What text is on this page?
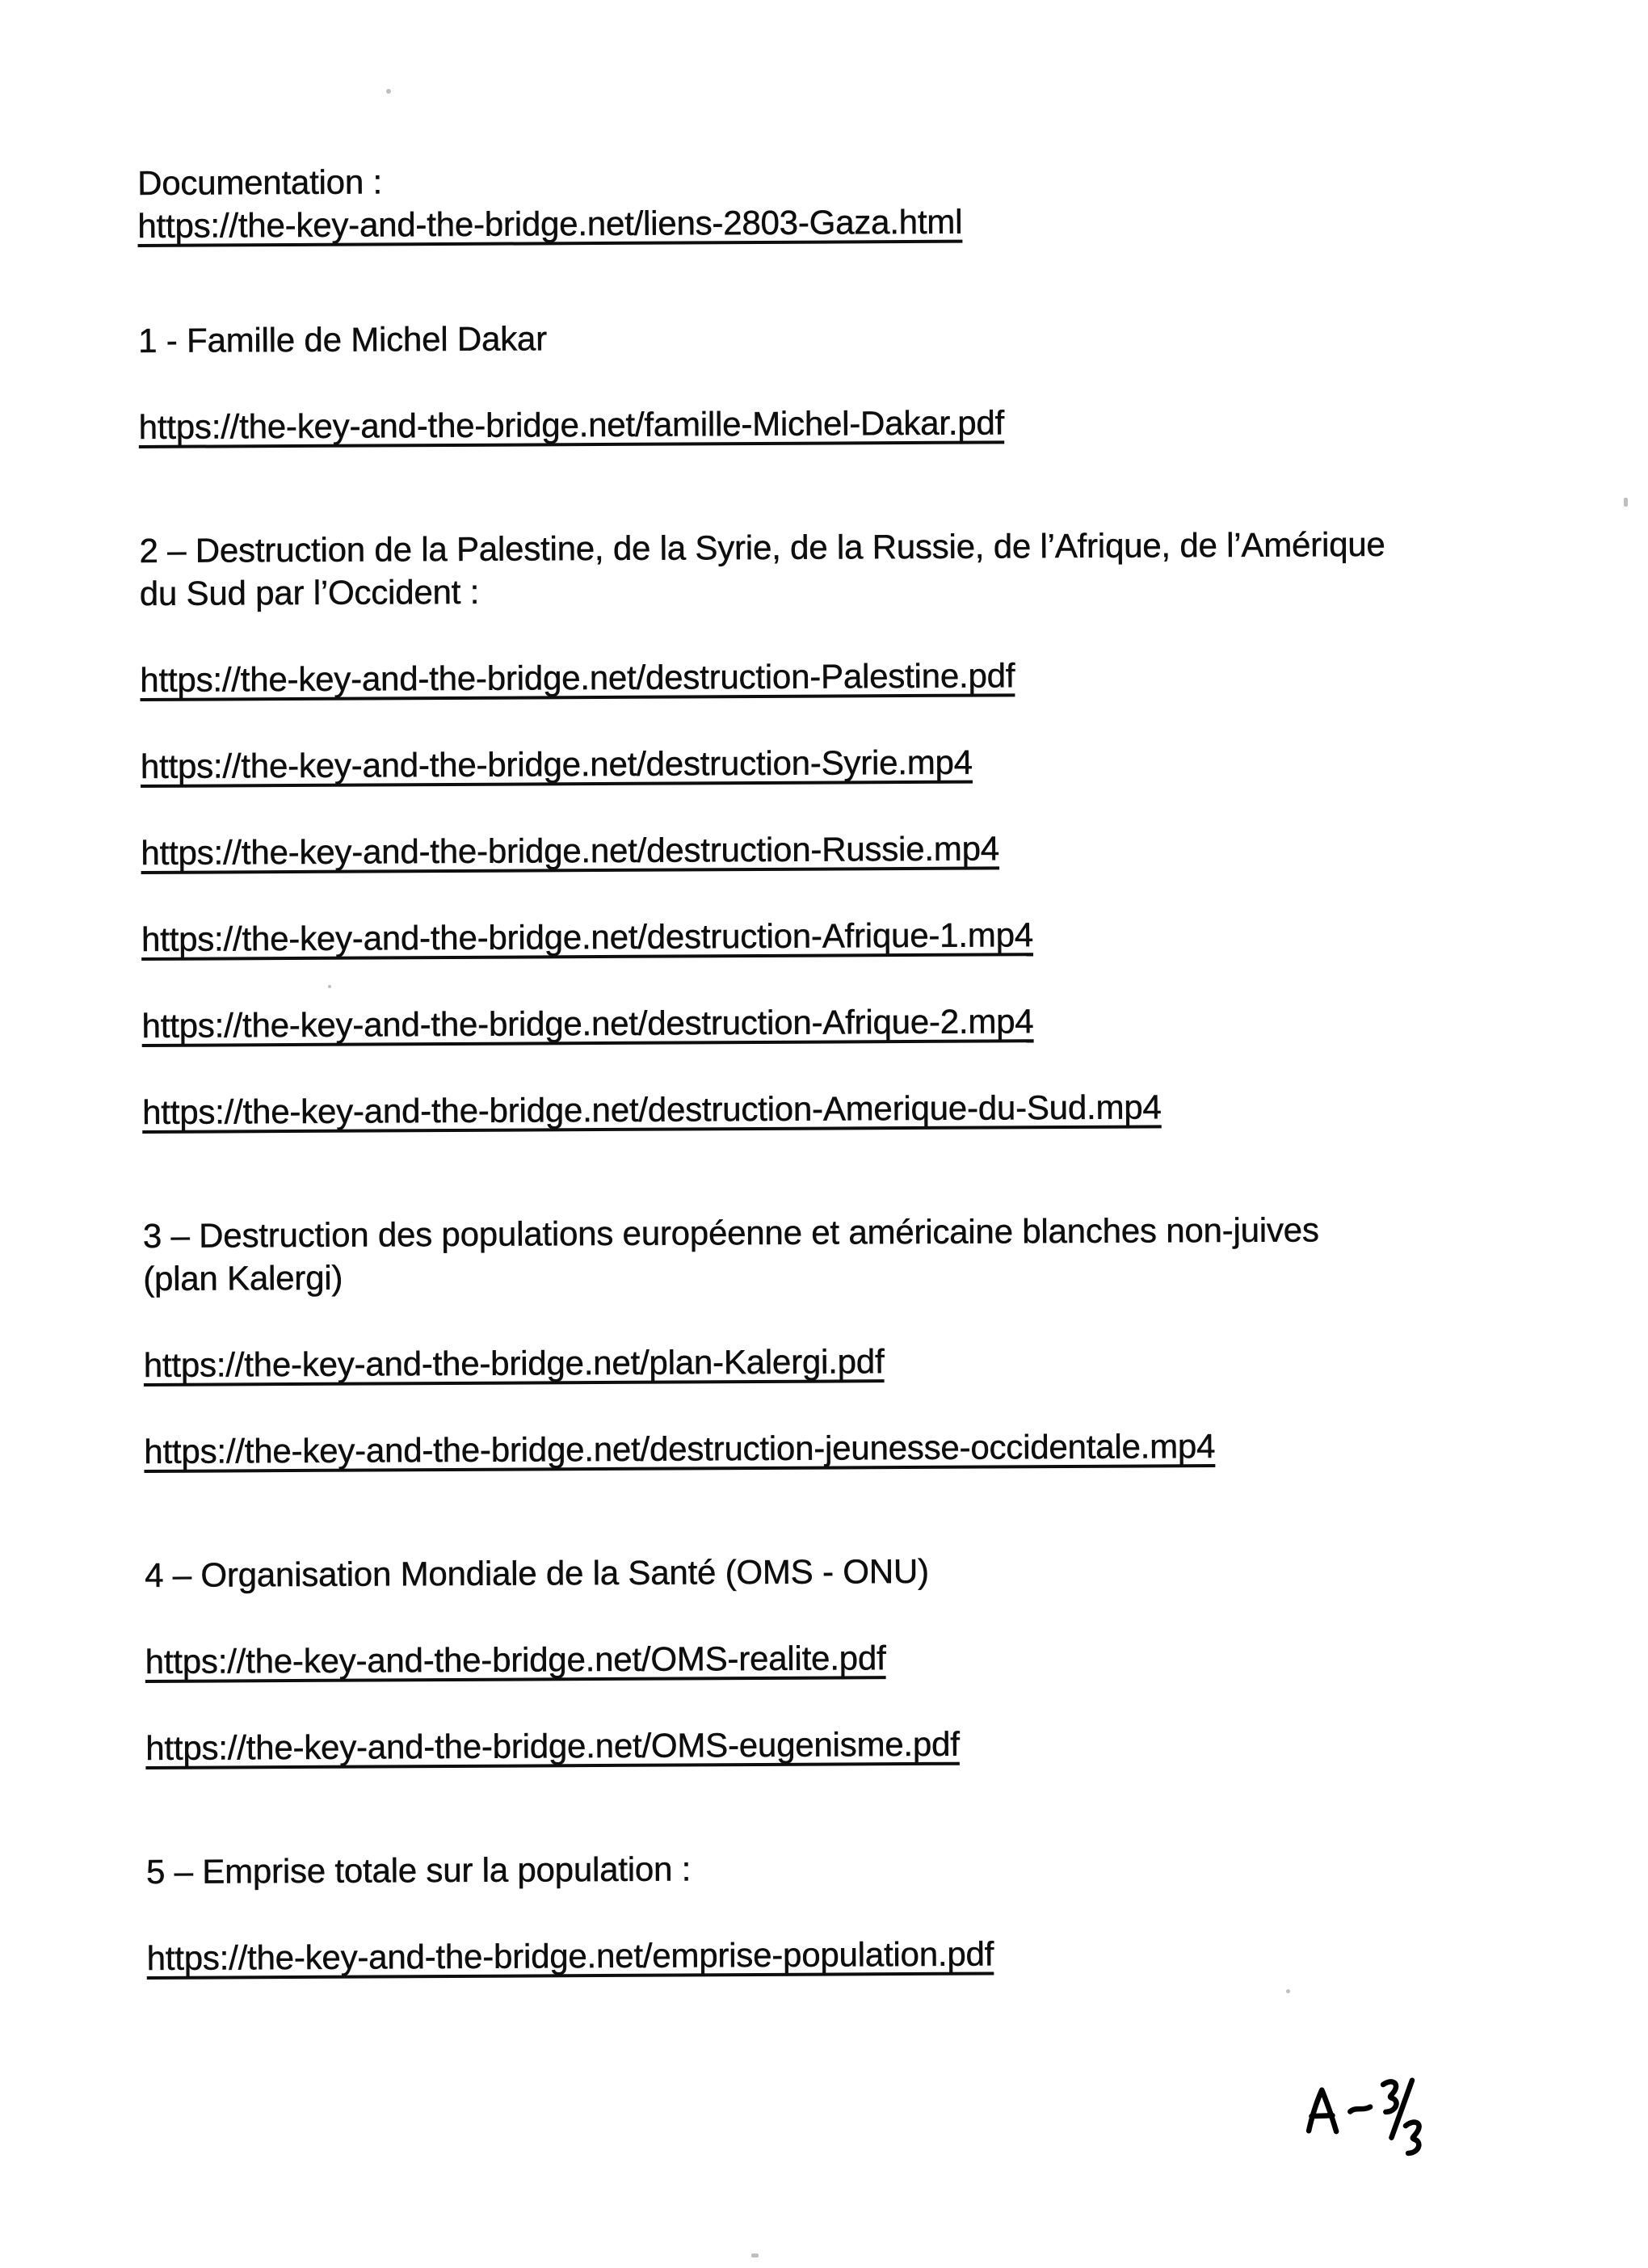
Documentation :
https://the-key-and-the-bridge.net/liens-2803-Gaza.html
1 - Famille de Michel Dakar
https://the-key-and-the-bridge.net/famille-Michel-Dakar.pdf
2 – Destruction de la Palestine, de la Syrie, de la Russie, de l’Afrique, de l’Amérique
du Sud par l’Occident :
https://the-key-and-the-bridge.net/destruction-Palestine.pdf
https://the-key-and-the-bridge.net/destruction-Syrie.mp4
https://the-key-and-the-bridge.net/destruction-Russie.mp4
https://the-key-and-the-bridge.net/destruction-Afrique-1.mp4
https://the-key-and-the-bridge.net/destruction-Afrique-2.mp4
https://the-key-and-the-bridge.net/destruction-Amerique-du-Sud.mp4
3 – Destruction des populations européenne et américaine blanches non-juives
(plan Kalergi)
https://the-key-and-the-bridge.net/plan-Kalergi.pdf
https://the-key-and-the-bridge.net/destruction-jeunesse-occidentale.mp4
4 – Organisation Mondiale de la Santé (OMS - ONU)
https://the-key-and-the-bridge.net/OMS-realite.pdf
https://the-key-and-the-bridge.net/OMS-eugenisme.pdf
5 – Emprise totale sur la population :
https://the-key-and-the-bridge.net/emprise-population.pdf
